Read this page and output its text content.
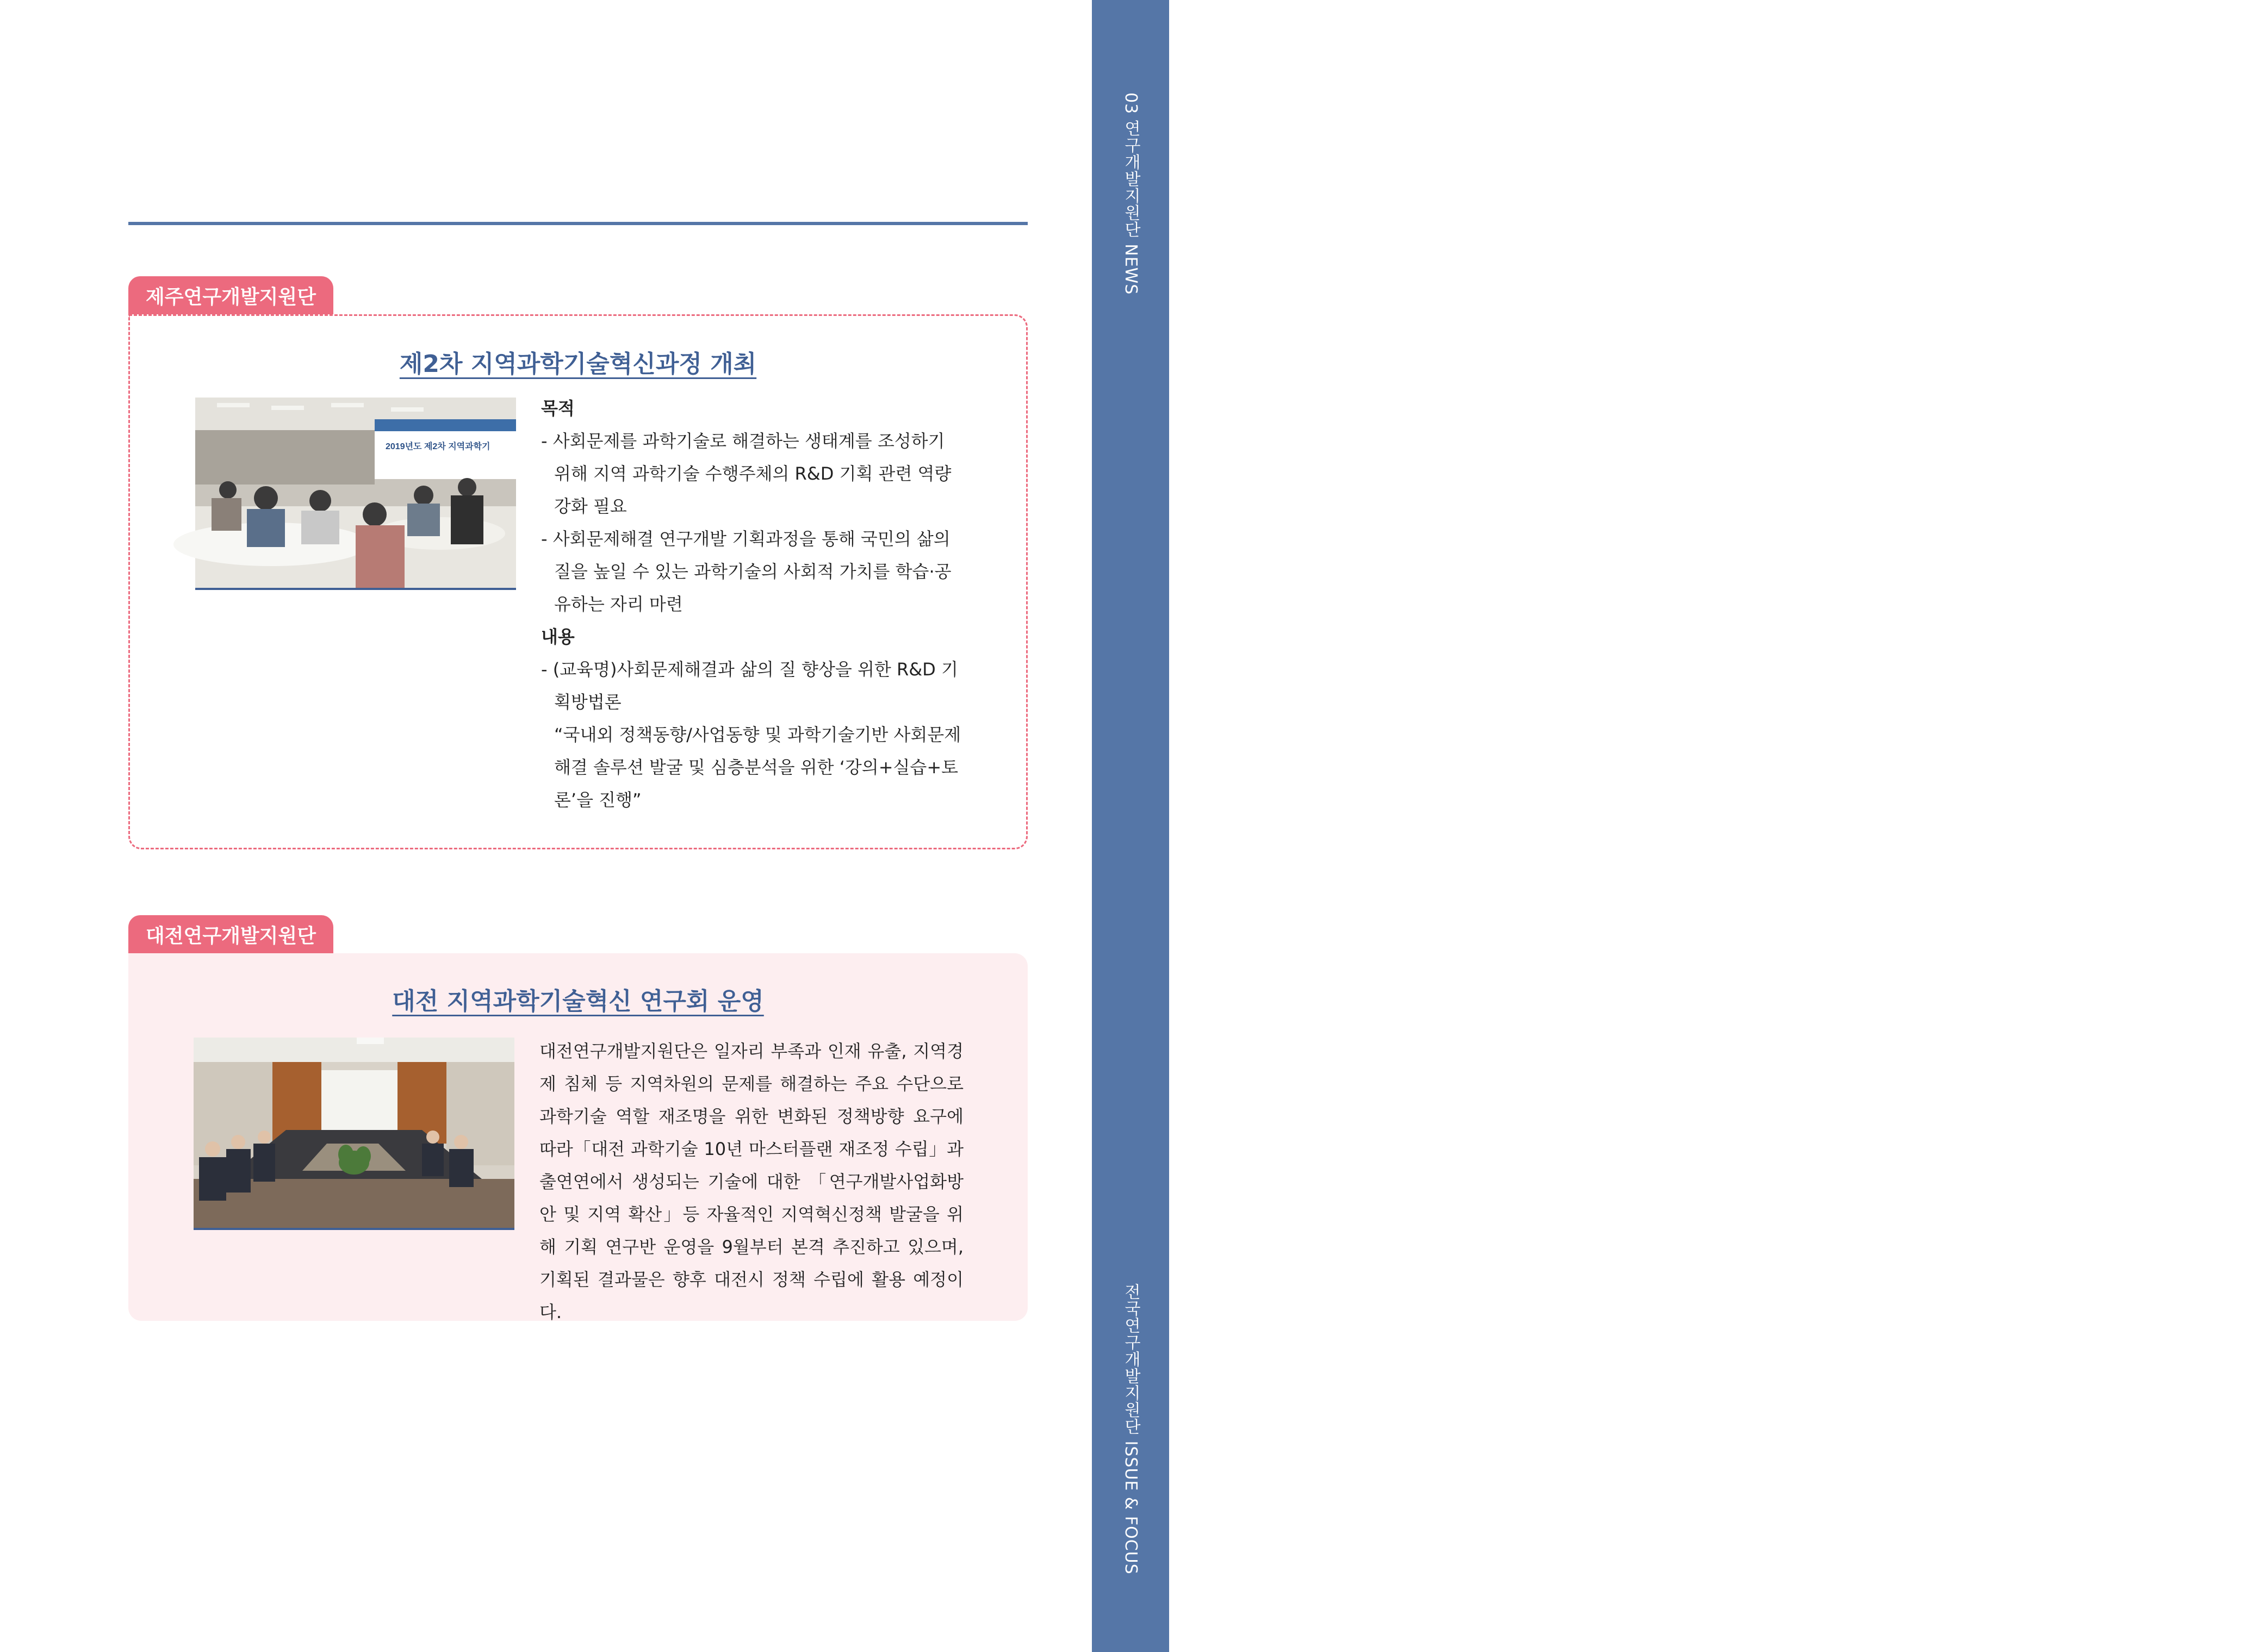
03 연구개발지원단 NEWS
37
전국연구개발지원단 ISSUE & FOCUS
제주연구개발지원단
제2차 지역과학기술혁신과정 개최
2019년도 제2차 지역과학기
목적
- 사회문제를 과학기술로 해결하는 생태계를 조성하기 위해 지역 과학기술 수행주체의 R&D 기획 관련 역량강화 필요
- 사회문제해결 연구개발 기획과정을 통해 국민의 삶의 질을 높일 수 있는 과학기술의 사회적 가치를 학습·공유하는 자리 마련
내용
- (교육명)사회문제해결과 삶의 질 향상을 위한 R&D 기획방법론
“국내외 정책동향/사업동향 및 과학기술기반 사회문제 해결 솔루션 발굴 및 심층분석을 위한 ‘강의+실습+토론’을 진행”
대전연구개발지원단
대전 지역과학기술혁신 연구회 운영
대전연구개발지원단은 일자리 부족과 인재 유출, 지역경제 침체 등 지역차원의 문제를 해결하는 주요 수단으로 과학기술 역할 재조명을 위한 변화된 정책방향 요구에 따라「대전 과학기술 10년 마스터플랜 재조정 수립」과 출연연에서 생성되는 기술에 대한 「연구개발사업화방안 및 지역 확산」등 자율적인 지역혁신정책 발굴을 위해 기획 연구반 운영을 9월부터 본격 추진하고 있으며, 기획된 결과물은 향후 대전시 정책 수립에 활용 예정이다.
